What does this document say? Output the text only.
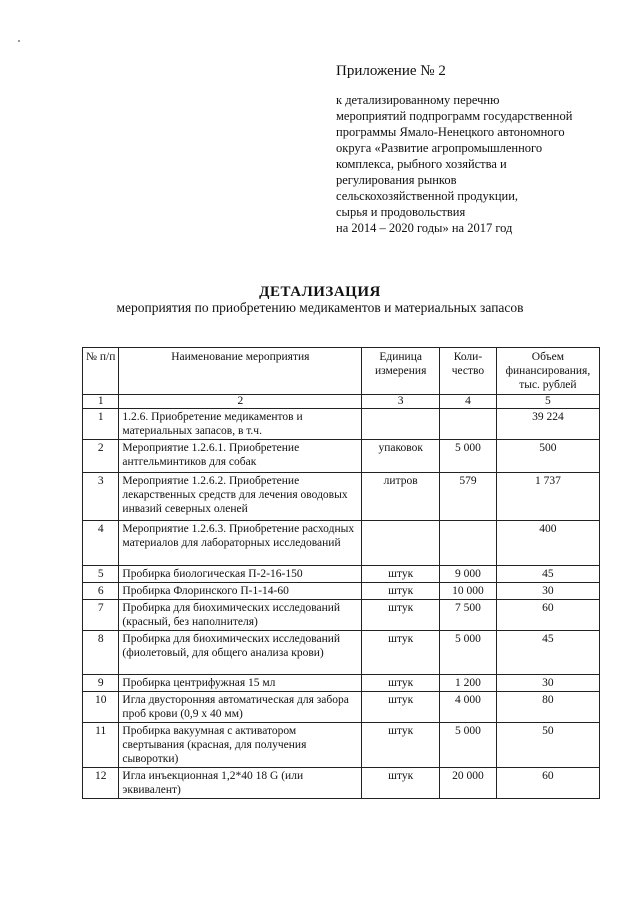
Приложение № 2
к детализированному перечню
мероприятий подпрограмм государственной
программы Ямало-Ненецкого автономного
округа «Развитие агропромышленного
комплекса, рыбного хозяйства и
регулирования рынков
сельскохозяйственной продукции,
сырья и продовольствия
на 2014 – 2020 годы» на 2017 год
ДЕТАЛИЗАЦИЯ
мероприятия по приобретению медикаментов и материальных запасов
№ п/п	Наименование мероприятия	Единица измерения	Коли-чество	Объем финансирования, тыс. рублей
1	2	3	4	5
1	1.2.6. Приобретение медикаментов и материальных запасов, в т.ч.			39 224
2	Мероприятие 1.2.6.1. Приобретение антгельминтиков для собак	упаковок	5 000	500
3	Мероприятие 1.2.6.2. Приобретение лекарственных средств для лечения оводовых инвазий северных оленей	литров	579	1 737
4	Мероприятие 1.2.6.3. Приобретение расходных материалов для лабораторных исследований			400
5	Пробирка биологическая П-2-16-150	штук	9 000	45
6	Пробирка Флоринского П-1-14-60	штук	10 000	30
7	Пробирка для биохимических исследований (красный, без наполнителя)	штук	7 500	60
8	Пробирка для биохимических исследований (фиолетовый, для общего анализа крови)	штук	5 000	45
9	Пробирка центрифужная 15 мл	штук	1 200	30
10	Игла двусторонняя автоматическая для забора проб крови (0,9 х 40 мм)	штук	4 000	80
11	Пробирка вакуумная с активатором свертывания (красная, для получения сыворотки)	штук	5 000	50
12	Игла инъекционная 1,2*40 18 G (или эквивалент)	штук	20 000	60
